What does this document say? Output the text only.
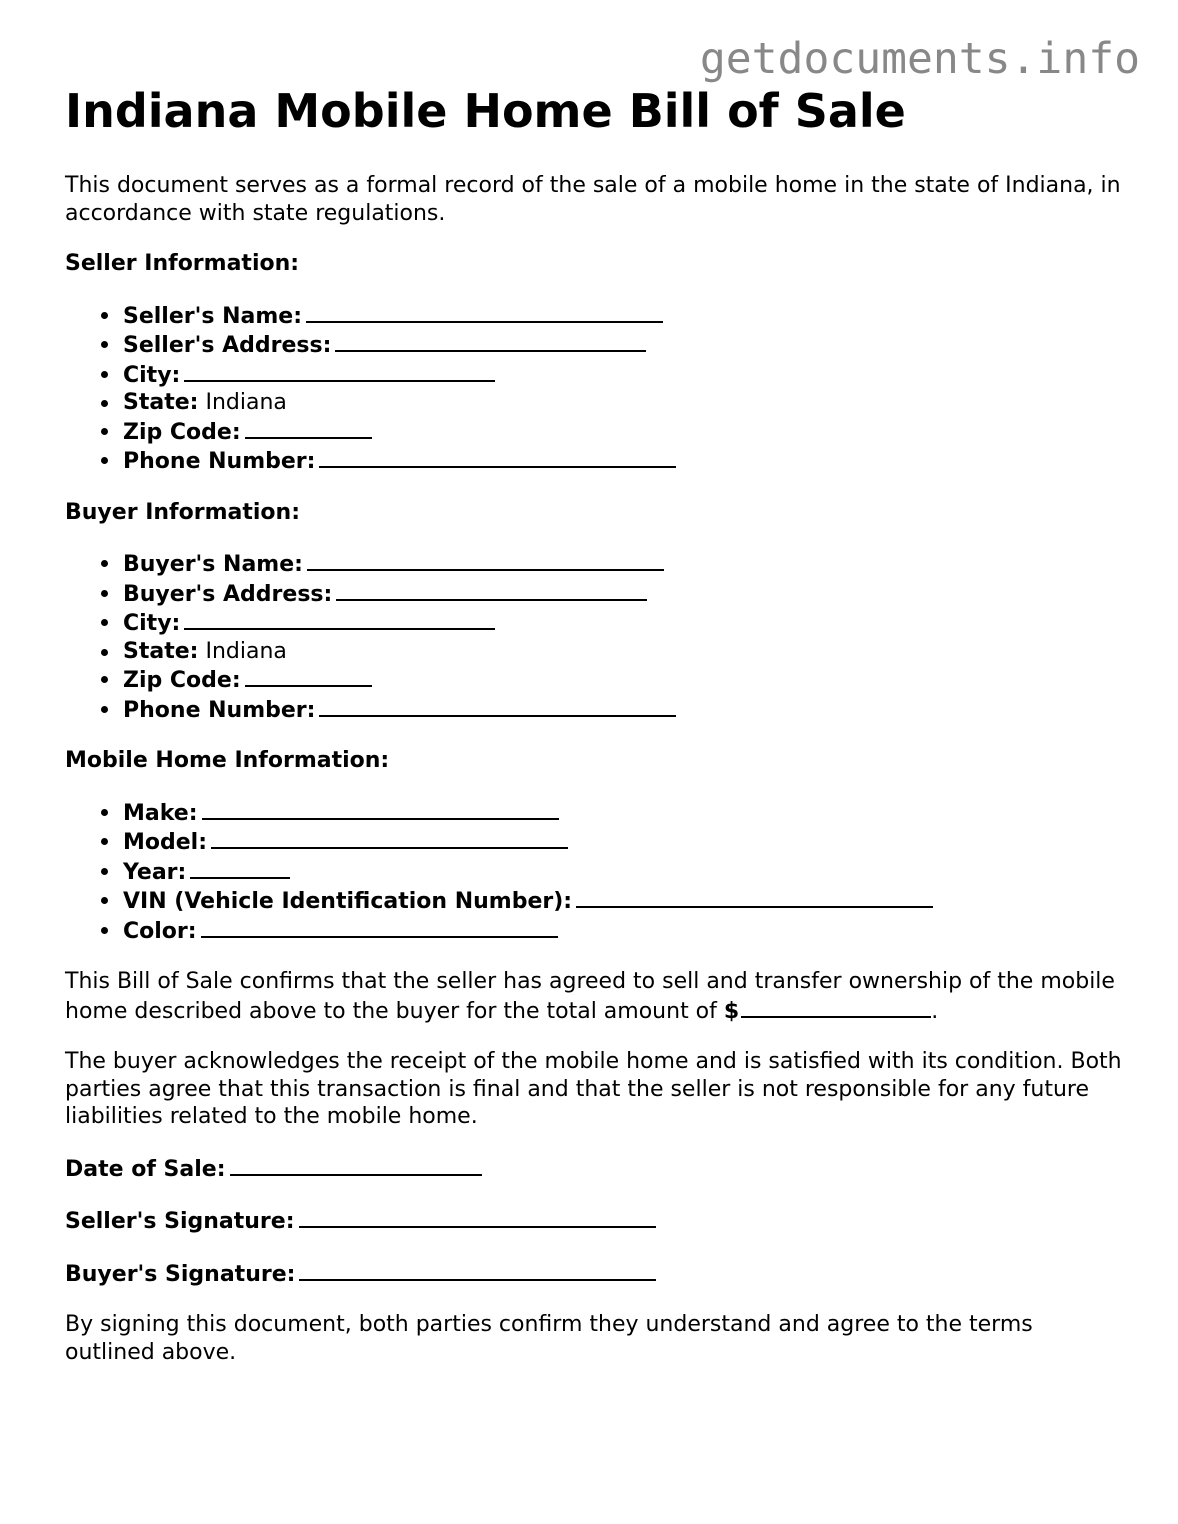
getdocuments.info
Indiana Mobile Home Bill of Sale

This document serves as a formal record of the sale of a mobile home in the state of Indiana, in accordance with state regulations.

Seller Information:

Seller's Name:
Seller's Address:
City:
State: Indiana
Zip Code:
Phone Number:

Buyer Information:

Buyer's Name:
Buyer's Address:
City:
State: Indiana
Zip Code:
Phone Number:

Mobile Home Information:

Make:
Model:
Year:
VIN (Vehicle Identification Number):
Color:

This Bill of Sale confirms that the seller has agreed to sell and transfer ownership of the mobile home described above to the buyer for the total amount of $	.

The buyer acknowledges the receipt of the mobile home and is satisfied with its condition. Both parties agree that this transaction is final and that the seller is not responsible for any future liabilities related to the mobile home.

Date of Sale:

Seller's Signature:

Buyer's Signature:

By signing this document, both parties confirm they understand and agree to the terms outlined above.
